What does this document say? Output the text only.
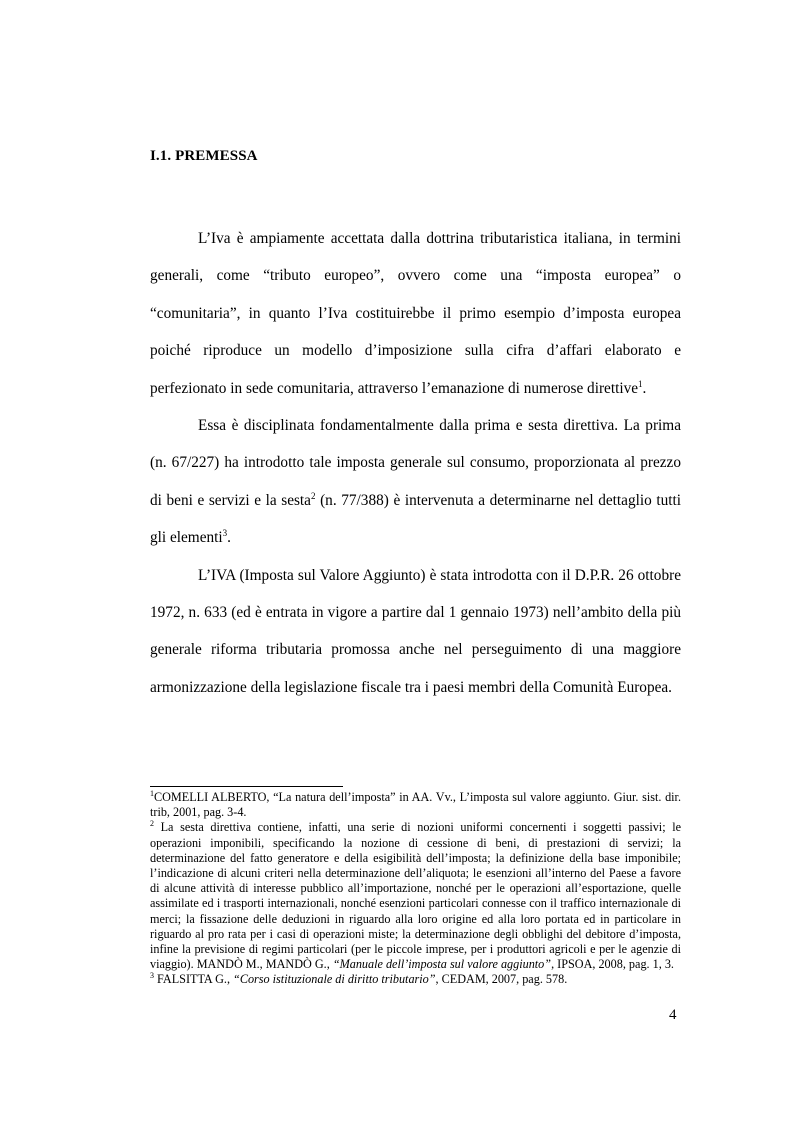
I.1. PREMESSA

L’Iva è ampiamente accettata dalla dottrina tributaristica italiana, in termini generali, come “tributo europeo”, ovvero come una “imposta europea” o “comunitaria”, in quanto l’Iva costituirebbe il primo esempio d’imposta europea poiché riproduce un modello d’imposizione sulla cifra d’affari elaborato e perfezionato in sede comunitaria, attraverso l’emanazione di numerose direttive$^1$.

Essa è disciplinata fondamentalmente dalla prima e sesta direttiva. La prima (n. 67/227) ha introdotto tale imposta generale sul consumo, proporzionata al prezzo di beni e servizi e la sesta$^2$ (n. 77/388) è intervenuta a determinarne nel dettaglio tutti gli elementi$^3$.

L’IVA (Imposta sul Valore Aggiunto) è stata introdotta con il D.P.R. 26 ottobre 1972, n. 633 (ed è entrata in vigore a partire dal 1 gennaio 1973) nell’ambito della più generale riforma tributaria promossa anche nel perseguimento di una maggiore armonizzazione della legislazione fiscale tra i paesi membri della Comunità Europea.

$^1$COMELLI ALBERTO, “La natura dell’imposta” in AA. Vv., L’imposta sul valore aggiunto. Giur. sist. dir. trib, 2001, pag. 3-4.

$^2$ La sesta direttiva contiene, infatti, una serie di nozioni uniformi concernenti i soggetti passivi; le operazioni imponibili, specificando la nozione di cessione di beni, di prestazioni di servizi; la determinazione del fatto generatore e della esigibilità dell’imposta; la definizione della base imponibile; l’indicazione di alcuni criteri nella determinazione dell’aliquota; le esenzioni all’interno del Paese a favore di alcune attività di interesse pubblico all’importazione, nonché per le operazioni all’esportazione, quelle assimilate ed i trasporti internazionali, nonché esenzioni particolari connesse con il traffico internazionale di merci; la fissazione delle deduzioni in riguardo alla loro origine ed alla loro portata ed in particolare in riguardo al pro rata per i casi di operazioni miste; la determinazione degli obblighi del debitore d’imposta, infine la previsione di regimi particolari (per le piccole imprese, per i produttori agricoli e per le agenzie di viaggio). MANDÒ M., MANDÒ G., “Manuale dell’imposta sul valore aggiunto”, IPSOA, 2008, pag. 1, 3.

$^3$ FALSITTA G., “Corso istituzionale di diritto tributario”, CEDAM, 2007, pag. 578.

4
